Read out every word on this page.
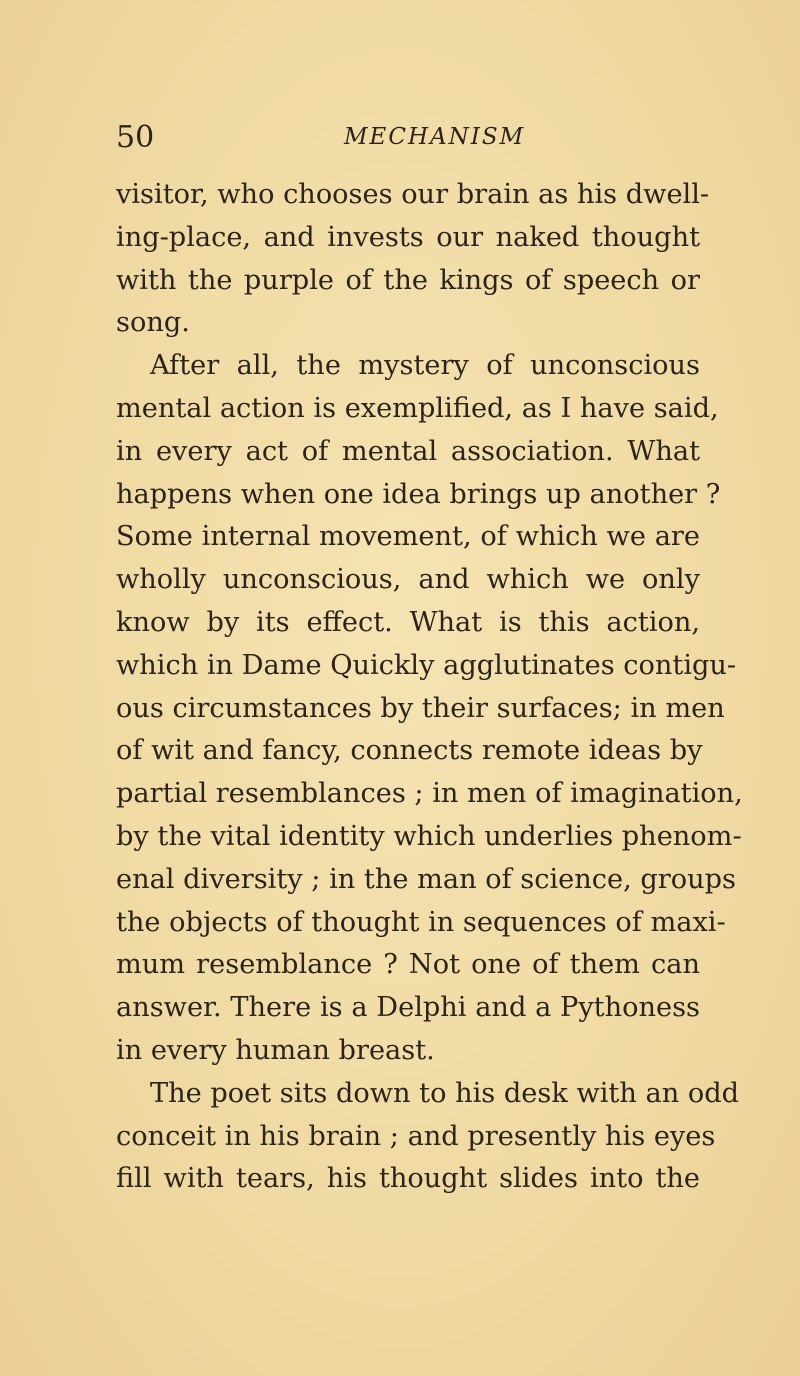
50	MECHANISM
visitor, who chooses our brain as his dwell-
ing-place, and invests our naked thought
with the purple of the kings of speech or
song.
After all, the mystery of unconscious
mental action is exemplified, as I have said,
in every act of mental association. What
happens when one idea brings up another ?
Some internal movement, of which we are
wholly unconscious, and which we only
know by its effect. What is this action,
which in Dame Quickly agglutinates contigu-
ous circumstances by their surfaces; in men
of wit and fancy, connects remote ideas by
partial resemblances ; in men of imagination,
by the vital identity which underlies phenom-
enal diversity ; in the man of science, groups
the objects of thought in sequences of maxi-
mum resemblance ? Not one of them can
answer. There is a Delphi and a Pythoness
in every human breast.
The poet sits down to his desk with an odd
conceit in his brain ; and presently his eyes
fill with tears, his thought slides into the
